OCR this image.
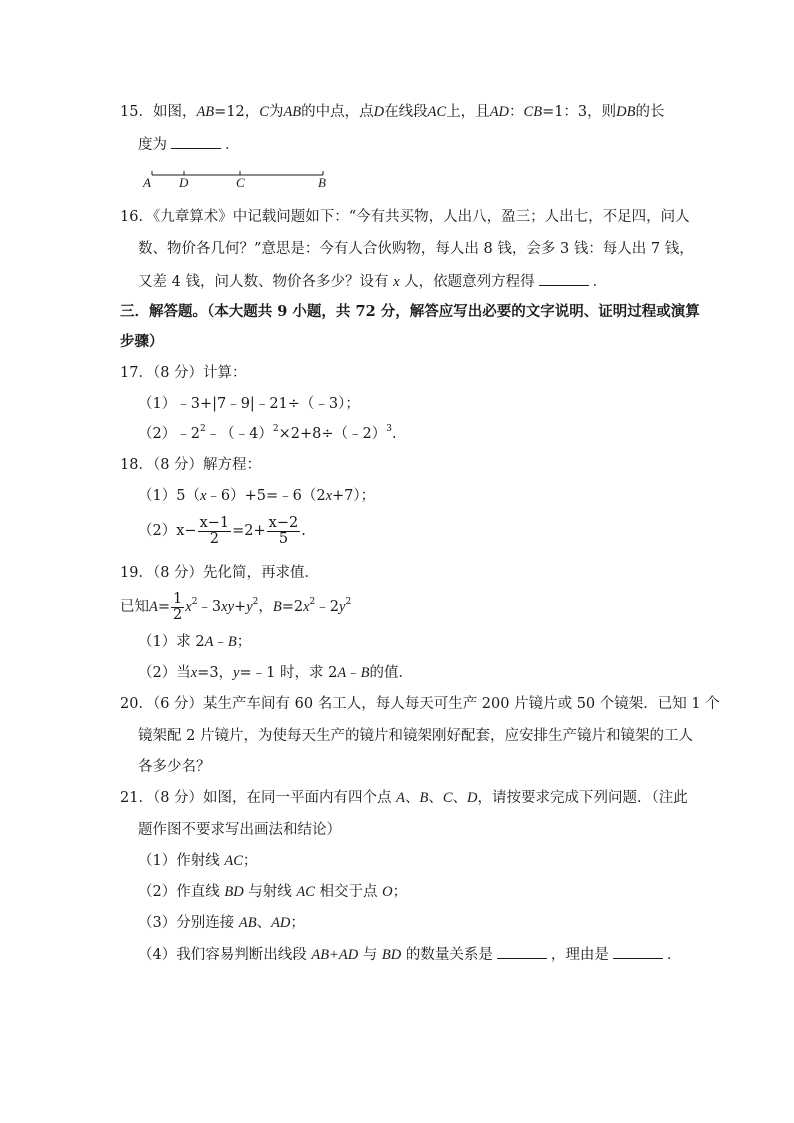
15．如图，AB=12，C为AB的中点，点D在线段AC上，且AD：CB=1：3，则DB的长
度为	．
A D	C	B
16．《九章算术》中记载问题如下：“今有共买物，人出八，盈三；人出七，不足四，问人
数、物价各几何？”意思是：今有人合伙购物，每人出 8 钱，会多 3 钱：每人出 7 钱，
又差 4 钱，问人数、物价各多少？设有 x 人，依题意列方程得	．
三．解答题。（本大题共 9 小题，共 72 分，解答应写出必要的文字说明、证明过程或演算
步骤）
17．（8 分）计算：
（1）﹣3+|7﹣9|﹣21÷（﹣3）；
$(2)﹣2^2﹣(﹣4)^2\times 2+8\div(﹣2)^3$.
18．（8 分）解方程：
（1）5（x﹣6）+5=﹣6（2x+7）；
$(2)x- \frac{x-1}{2} =2+ \frac{x-2}{5}$ .
19．（8 分）先化简，再求值．
已知$A= \frac{1}{2}$ $x^2﹣3xy+y^2$，$B=2x^2﹣2y^2$
（1）求 2A﹣B；
（2）当x=3，y=﹣1 时，求 2A﹣B的值．
20．（6 分）某生产车间有 60 名工人，每人每天可生产 200 片镜片或 50 个镜架．已知 1 个
镜架配 2 片镜片，为使每天生产的镜片和镜架刚好配套，应安排生产镜片和镜架的工人
各多少名？
21．（8 分）如图，在同一平面内有四个点 A、B、C、D，请按要求完成下列问题．（注此
题作图不要求写出画法和结论）
（1）作射线 AC；
（2）作直线 BD 与射线 AC 相交于点 O；
（3）分别连接 AB、AD；
（4）我们容易判断出线段 AB+AD 与 BD 的数量关系是	，理由是	．
